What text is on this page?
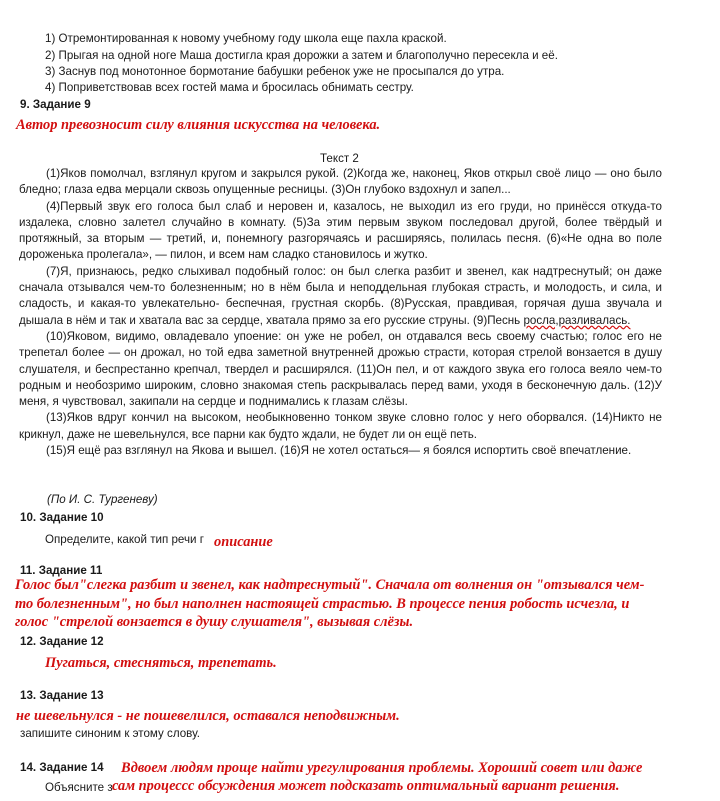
1) Отремонтированная к новому учебному году школа еще пахла краской.
2) Прыгая на одной ноге Маша достигла края дорожки а затем и благополучно пересекла и её.
3) Заснув под монотонное бормотание бабушки ребенок уже не просыпался до утра.
4) Поприветствовав всех гостей мама и бросилась обнимать сестру.
9. Задание 9
Автор превозносит силу влияния искусства на человека.
Текст 2

(1)Яков помолчал, взглянул кругом и закрылся рукой. (2)Когда же, наконец, Яков открыл своё лицо — оно было бледно; глаза едва мерцали сквозь опущенные ресницы. (3)Он глубоко вздохнул и запел...

(4)Первый звук его голоса был слаб и неровен и, казалось, не выходил из его груди, но принёсся откуда-то издалека, словно залетел случайно в комнату. (5)За этим первым звуком последовал другой, более твёрдый и протяжный, за вторым — третий, и, понемногу разгорячаясь и расширяясь, полилась песня. (6)«Не одна во поле дороженька пролегала», — пилон, и всем нам сладко становилось и жутко.

(7)Я, признаюсь, редко слыхивал подобный голос: он был слегка разбит и звенел, как надтреснутый; он даже сначала отзывался чем-то болезненным; но в нём была и неподдельная глубокая страсть, и молодость, и сила, и сладость, и какая-то увлекательно- беспечная, грустная скорбь. (8)Русская, правдивая, горячая душа звучала и дышала в нём и так и хватала вас за сердце, хватала прямо за его русские струны. (9)Песнь росла,разливалась.

(10)Яковом, видимо, овладевало упоение: он уже не робел, он отдавался весь своему счастью; голос его не трепетал более — он дрожал, но той едва заметной внутренней дрожью страсти, которая стрелой вонзается в душу слушателя, и беспрестанно крепчал, твердел и расширялся. (11)Он пел, и от каждого звука его голоса веяло чем-то родным и необозримо широким, словно знакомая степь раскрывалась перед вами, уходя в бесконечную даль. (12)У меня, я чувствовал, закипали на сердце и поднимались к глазам слёзы.

(13)Яков вдруг кончил на высоком, необыкновенно тонком звуке словно голос у него оборвался. (14)Никто не крикнул, даже не шевельнулся, все парни как будто ждали, не будет ли он ещё петь.

(15)Я ещё раз взглянул на Якова и вышел. (16)Я не хотел остаться— я боялся испортить своё впечатление.

(По И. С. Тургеневу)
10. Задание 10
Определите, какой тип речи г описание
11. Задание 11

Голос был"слегка разбит и звенел, как надтреснутый". Сначала от волнения он "отзывался чем-

то болезненным", но был наполнен настоящей страстью. В процессе пения робость исчезла, и

голос "стрелой вонзается в душу слушателя", вызывая слёзы.

12. Задание 12
Пугаться, стесняться, трепетать.
13. Задание 13
не шевельнулся - не пошевелился, оставался неподвижным.
запишите синоним к этому слову.
14. Задание 14 Вдвоем людям проще найти урегулирования проблемы. Хороший совет или даже
Объясните з сам процессс обсуждения может подсказать оптимальный вариант решения.
